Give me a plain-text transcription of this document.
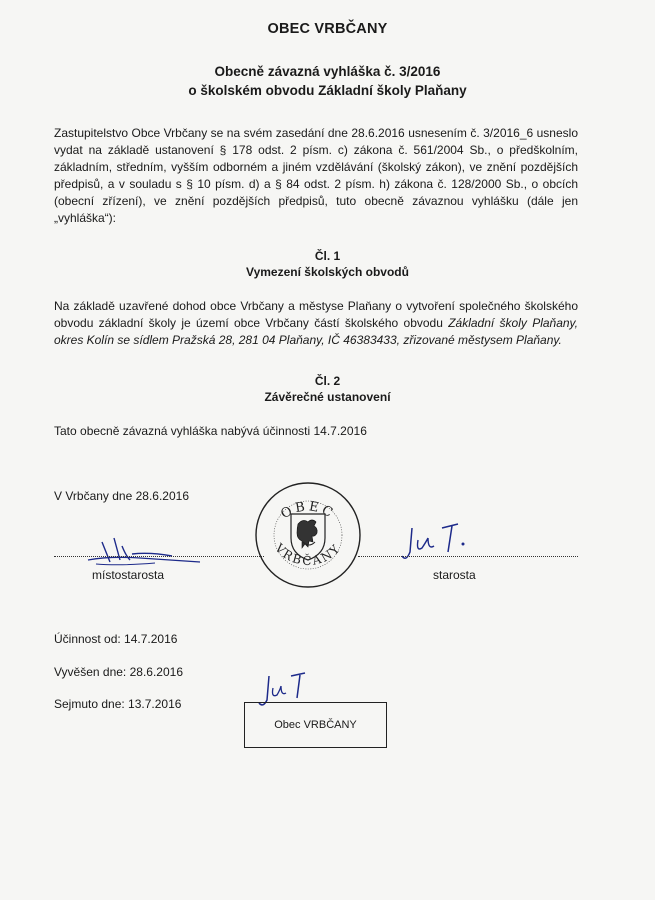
OBEC VRBČANY
Obecně závazná vyhláška č. 3/2016
o školském obvodu Základní školy Plaňany
Zastupitelstvo Obce Vrbčany se na svém zasedání dne 28.6.2016 usnesením č. 3/2016_6 usneslo vydat na základě ustanovení § 178 odst. 2 písm. c) zákona č. 561/2004 Sb., o předškolním, základním, středním, vyšším odborném a jiném vzdělávání (školský zákon), ve znění pozdějších předpisů, a v souladu s § 10 písm. d) a § 84 odst. 2 písm. h) zákona č. 128/2000 Sb., o obcích (obecní zřízení), ve znění pozdějších předpisů, tuto obecně závaznou vyhlášku (dále jen „vyhláška“):
Čl. 1
Vymezení školských obvodů
Na základě uzavřené dohod obce Vrbčany a městyse Plaňany o vytvoření společného školského obvodu základní školy je území obce Vrbčany částí školského obvodu Základní školy Plaňany, okres Kolín se sídlem Pražská 28, 281 04 Plaňany, IČ 46383433, zřizované městysem Plaňany.
Čl. 2
Závěrečné ustanovení
Tato obecně závazná vyhláška nabývá účinnosti 14.7.2016
V Vrbčany dne 28.6.2016
OBEC
VRBČANY
místostarosta	starosta
Účinnost od: 14.7.2016
Vyvěšen dne: 28.6.2016
Sejmuto dne: 13.7.2016
Obec VRBČANY
